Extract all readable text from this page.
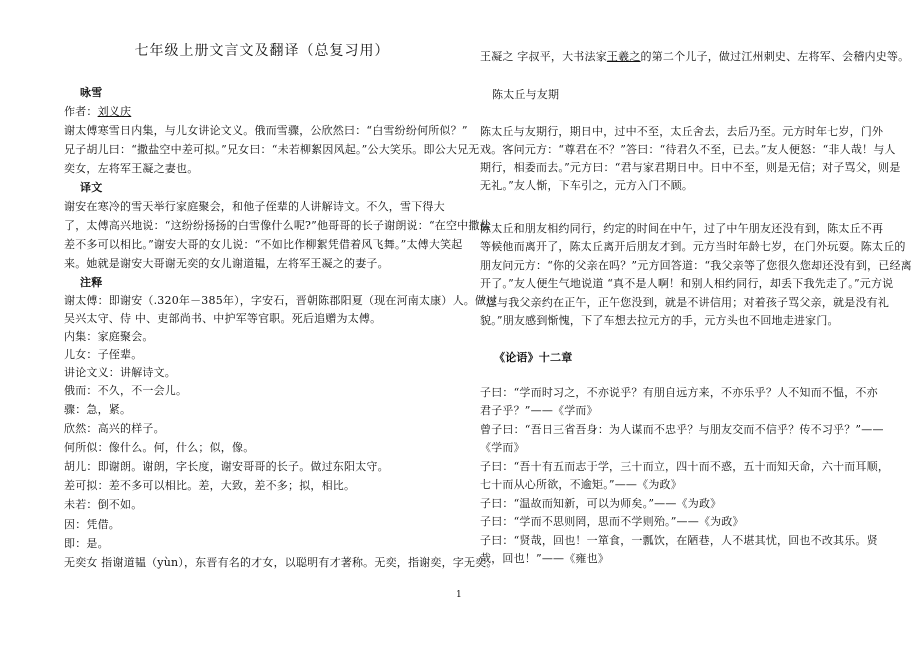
七年级上册文言文及翻译（总复习用）
咏雪
作者：刘义庆
谢太傅寒雪日内集，与儿女讲论文义。俄而雪骤，公欣然曰：“白雪纷纷何所似？”
兄子胡儿曰：“撒盐空中差可拟。”兄女曰：“未若柳絮因风起。”公大笑乐。即公大兄无
奕女，左将军王凝之妻也。
译文
谢安在寒冷的雪天举行家庭聚会，和他子侄辈的人讲解诗文。不久，雪下得大
了，太傅高兴地说：“这纷纷扬扬的白雪像什么呢?”他哥哥的长子谢朗说：“在空中撒盐
差不多可以相比。”谢安大哥的女儿说：“不如比作柳絮凭借着风飞舞。”太傅大笑起
来。她就是谢安大哥谢无奕的女儿谢道韫，左将军王凝之的妻子。
注释
谢太傅：即谢安（.320年－385年），字安石，晋朝陈郡阳夏（现在河南太康）人。做过
吴兴太守、侍 中、吏部尚书、中护军等官职。死后追赠为太傅。
内集：家庭聚会。
儿女：子侄辈。
讲论文义：讲解诗文。
俄而：不久，不一会儿。
骤：急，紧。
欣然：高兴的样子。
何所似：像什么。何，什么；似，像。
胡儿：即谢朗。谢朗，字长度，谢安哥哥的长子。做过东阳太守。
差可拟：差不多可以相比。差，大致，差不多；拟，相比。
未若：倒不如。
因：凭借。
即：是。
无奕女 指谢道韫（yùn），东晋有名的才女，以聪明有才著称。无奕，指谢奕，字无奕。
王凝之 字叔平，大书法家王羲之的第二个儿子，做过江州刺史、左将军、会稽内史等。
陈太丘与友期
陈太丘与友期行，期日中，过中不至，太丘舍去，去后乃至。元方时年七岁，门外
戏。客问元方：“尊君在不？”答曰：“待君久不至，已去。”友人便怒：“非人哉！与人
期行，相委而去。”元方曰：“君与家君期日中。日中不至，则是无信；对子骂父，则是
无礼。”友人惭，下车引之，元方入门不顾。
陈太丘和朋友相约同行，约定的时间在中午，过了中午朋友还没有到，陈太丘不再
等候他而离开了，陈太丘离开后朋友才到。元方当时年龄七岁，在门外玩耍。陈太丘的
朋友问元方：“你的父亲在吗？”元方回答道：“我父亲等了您很久您却还没有到，已经离
开了。”友人便生气地说道 “真不是人啊！和别人相约同行，却丢下我先走了。”元方说
“您与我父亲约在正午，正午您没到，就是不讲信用；对着孩子骂父亲，就是没有礼
貌。”朋友感到惭愧，下了车想去拉元方的手，元方头也不回地走进家门。
《论语》十二章
子曰：“学而时习之，不亦说乎？有朋自远方来，不亦乐乎？人不知而不愠，不亦
君子乎？”——《学而》
曾子曰：“吾日三省吾身：为人谋而不忠乎？与朋友交而不信乎？传不习乎？”——
《学而》
子曰：“吾十有五而志于学，三十而立，四十而不惑，五十而知天命，六十而耳顺，
七十而从心所欲，不逾矩。”——《为政》
子曰：“温故而知新，可以为师矣。”——《为政》
子曰：“学而不思则罔，思而不学则殆。”——《为政》
子曰：“贤哉，回也！一箪食，一瓢饮，在陋巷，人不堪其忧，回也不改其乐。贤
哉，回也！”——《雍也》
1
